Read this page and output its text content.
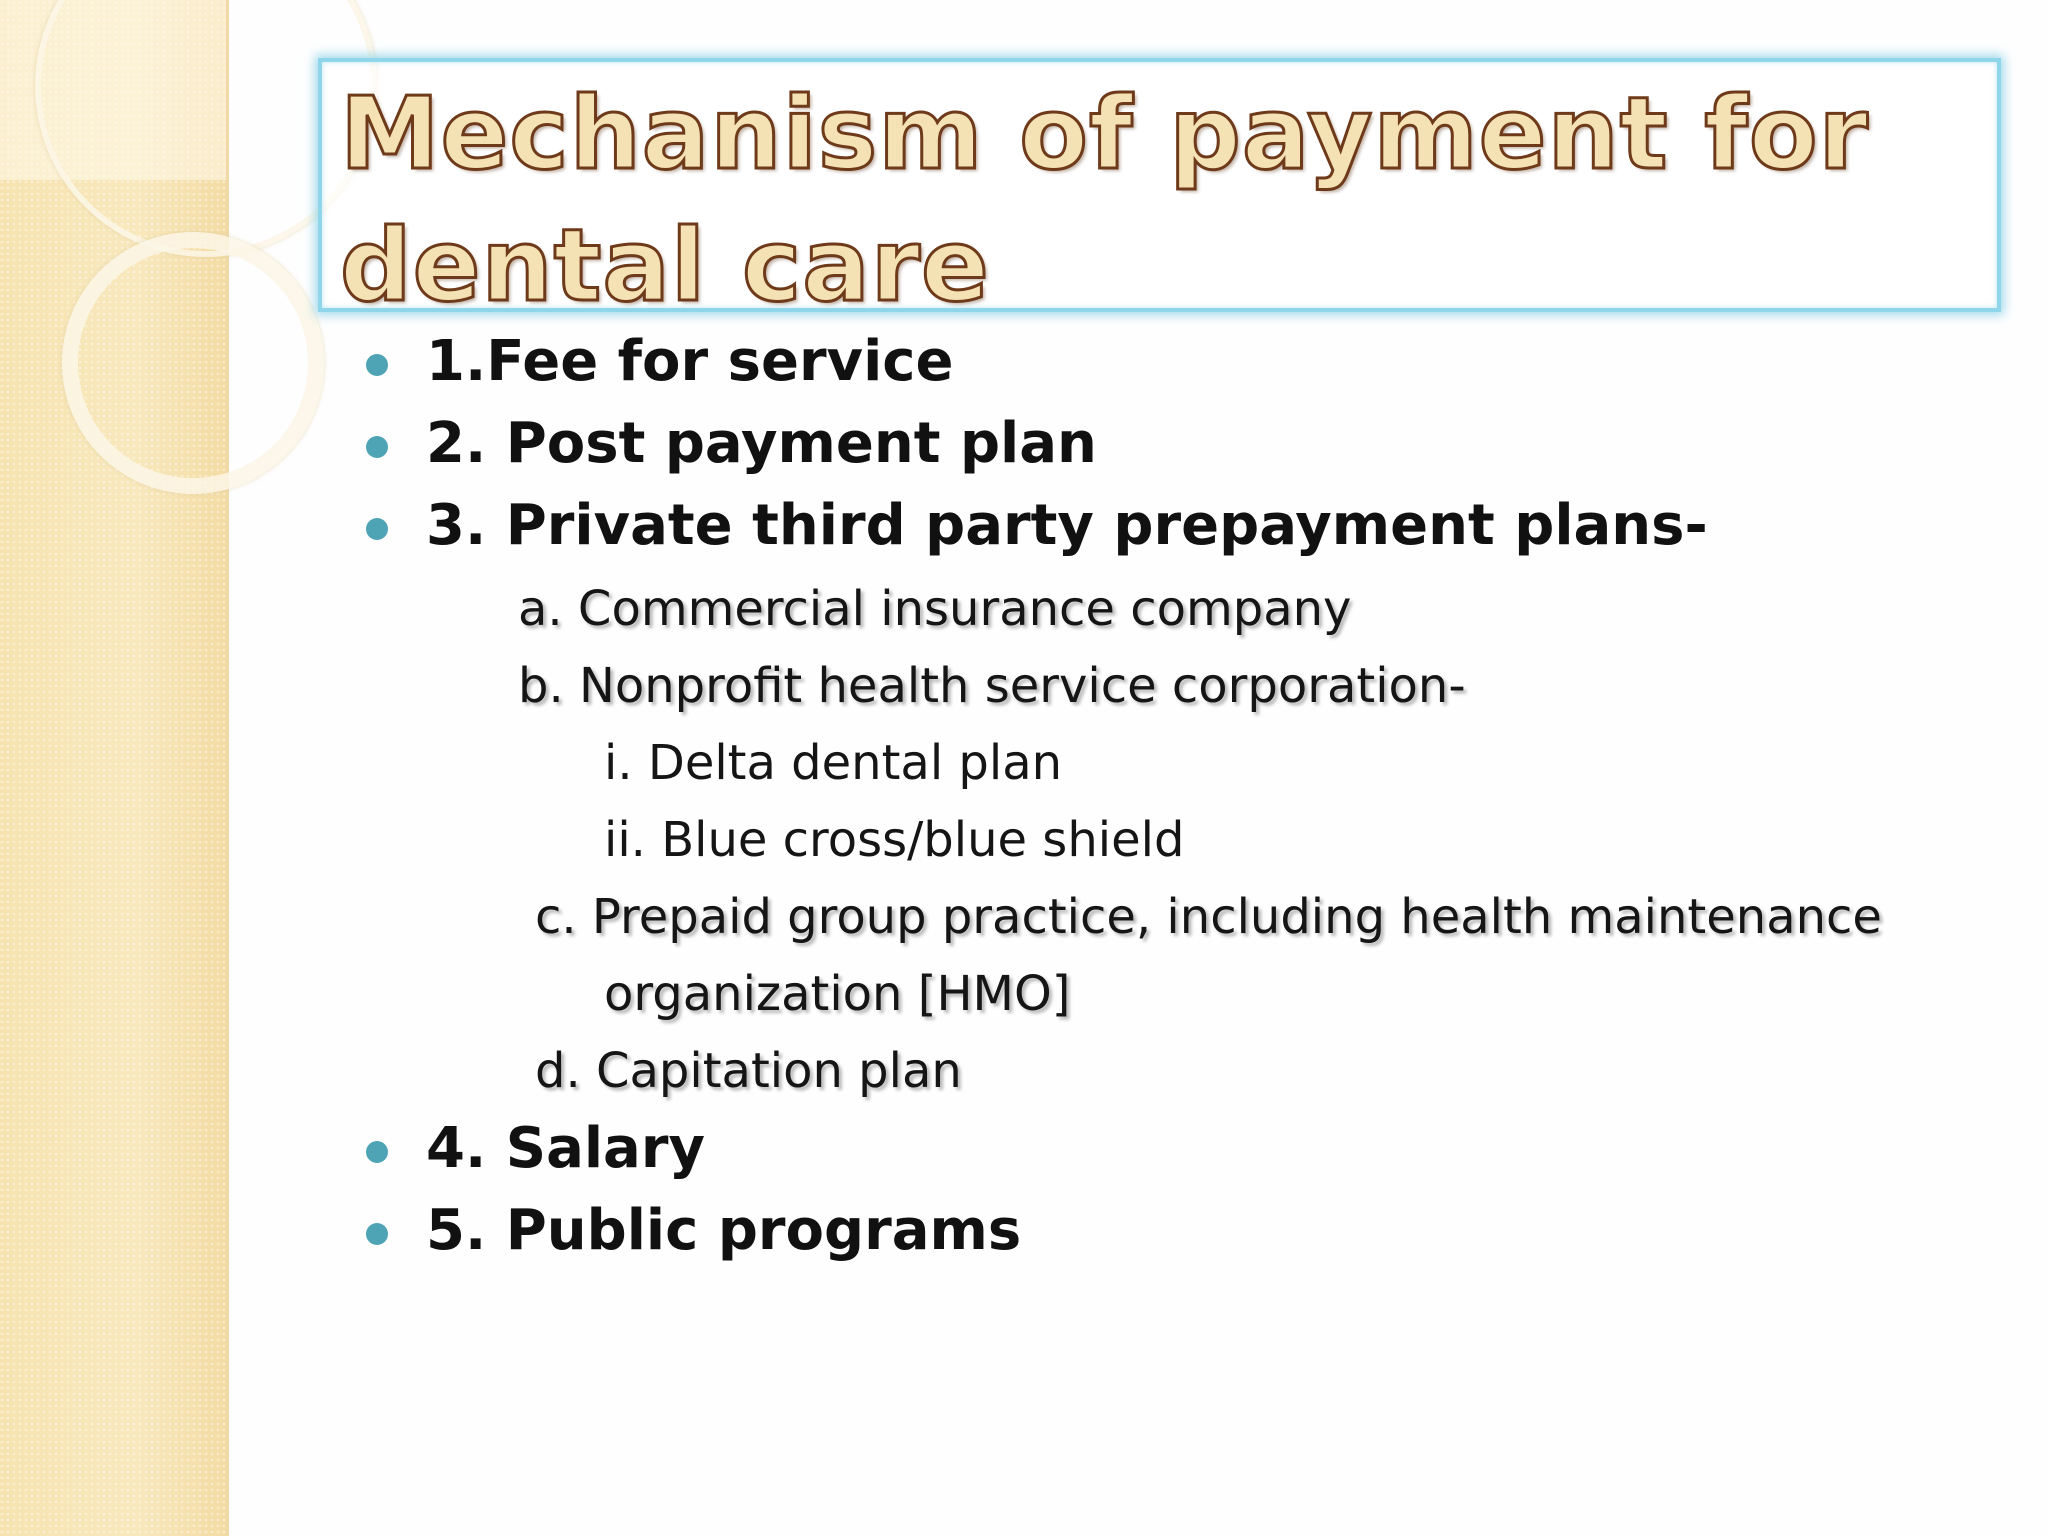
Mechanism of payment for dental care
1.Fee for service
2. Post payment plan
3. Private third party prepayment plans-
a. Commercial insurance company
b. Nonprofit health service corporation-
i. Delta dental plan
ii. Blue cross/blue shield
c. Prepaid group practice, including health maintenance
organization [HMO]
d. Capitation plan
4. Salary
5. Public programs
